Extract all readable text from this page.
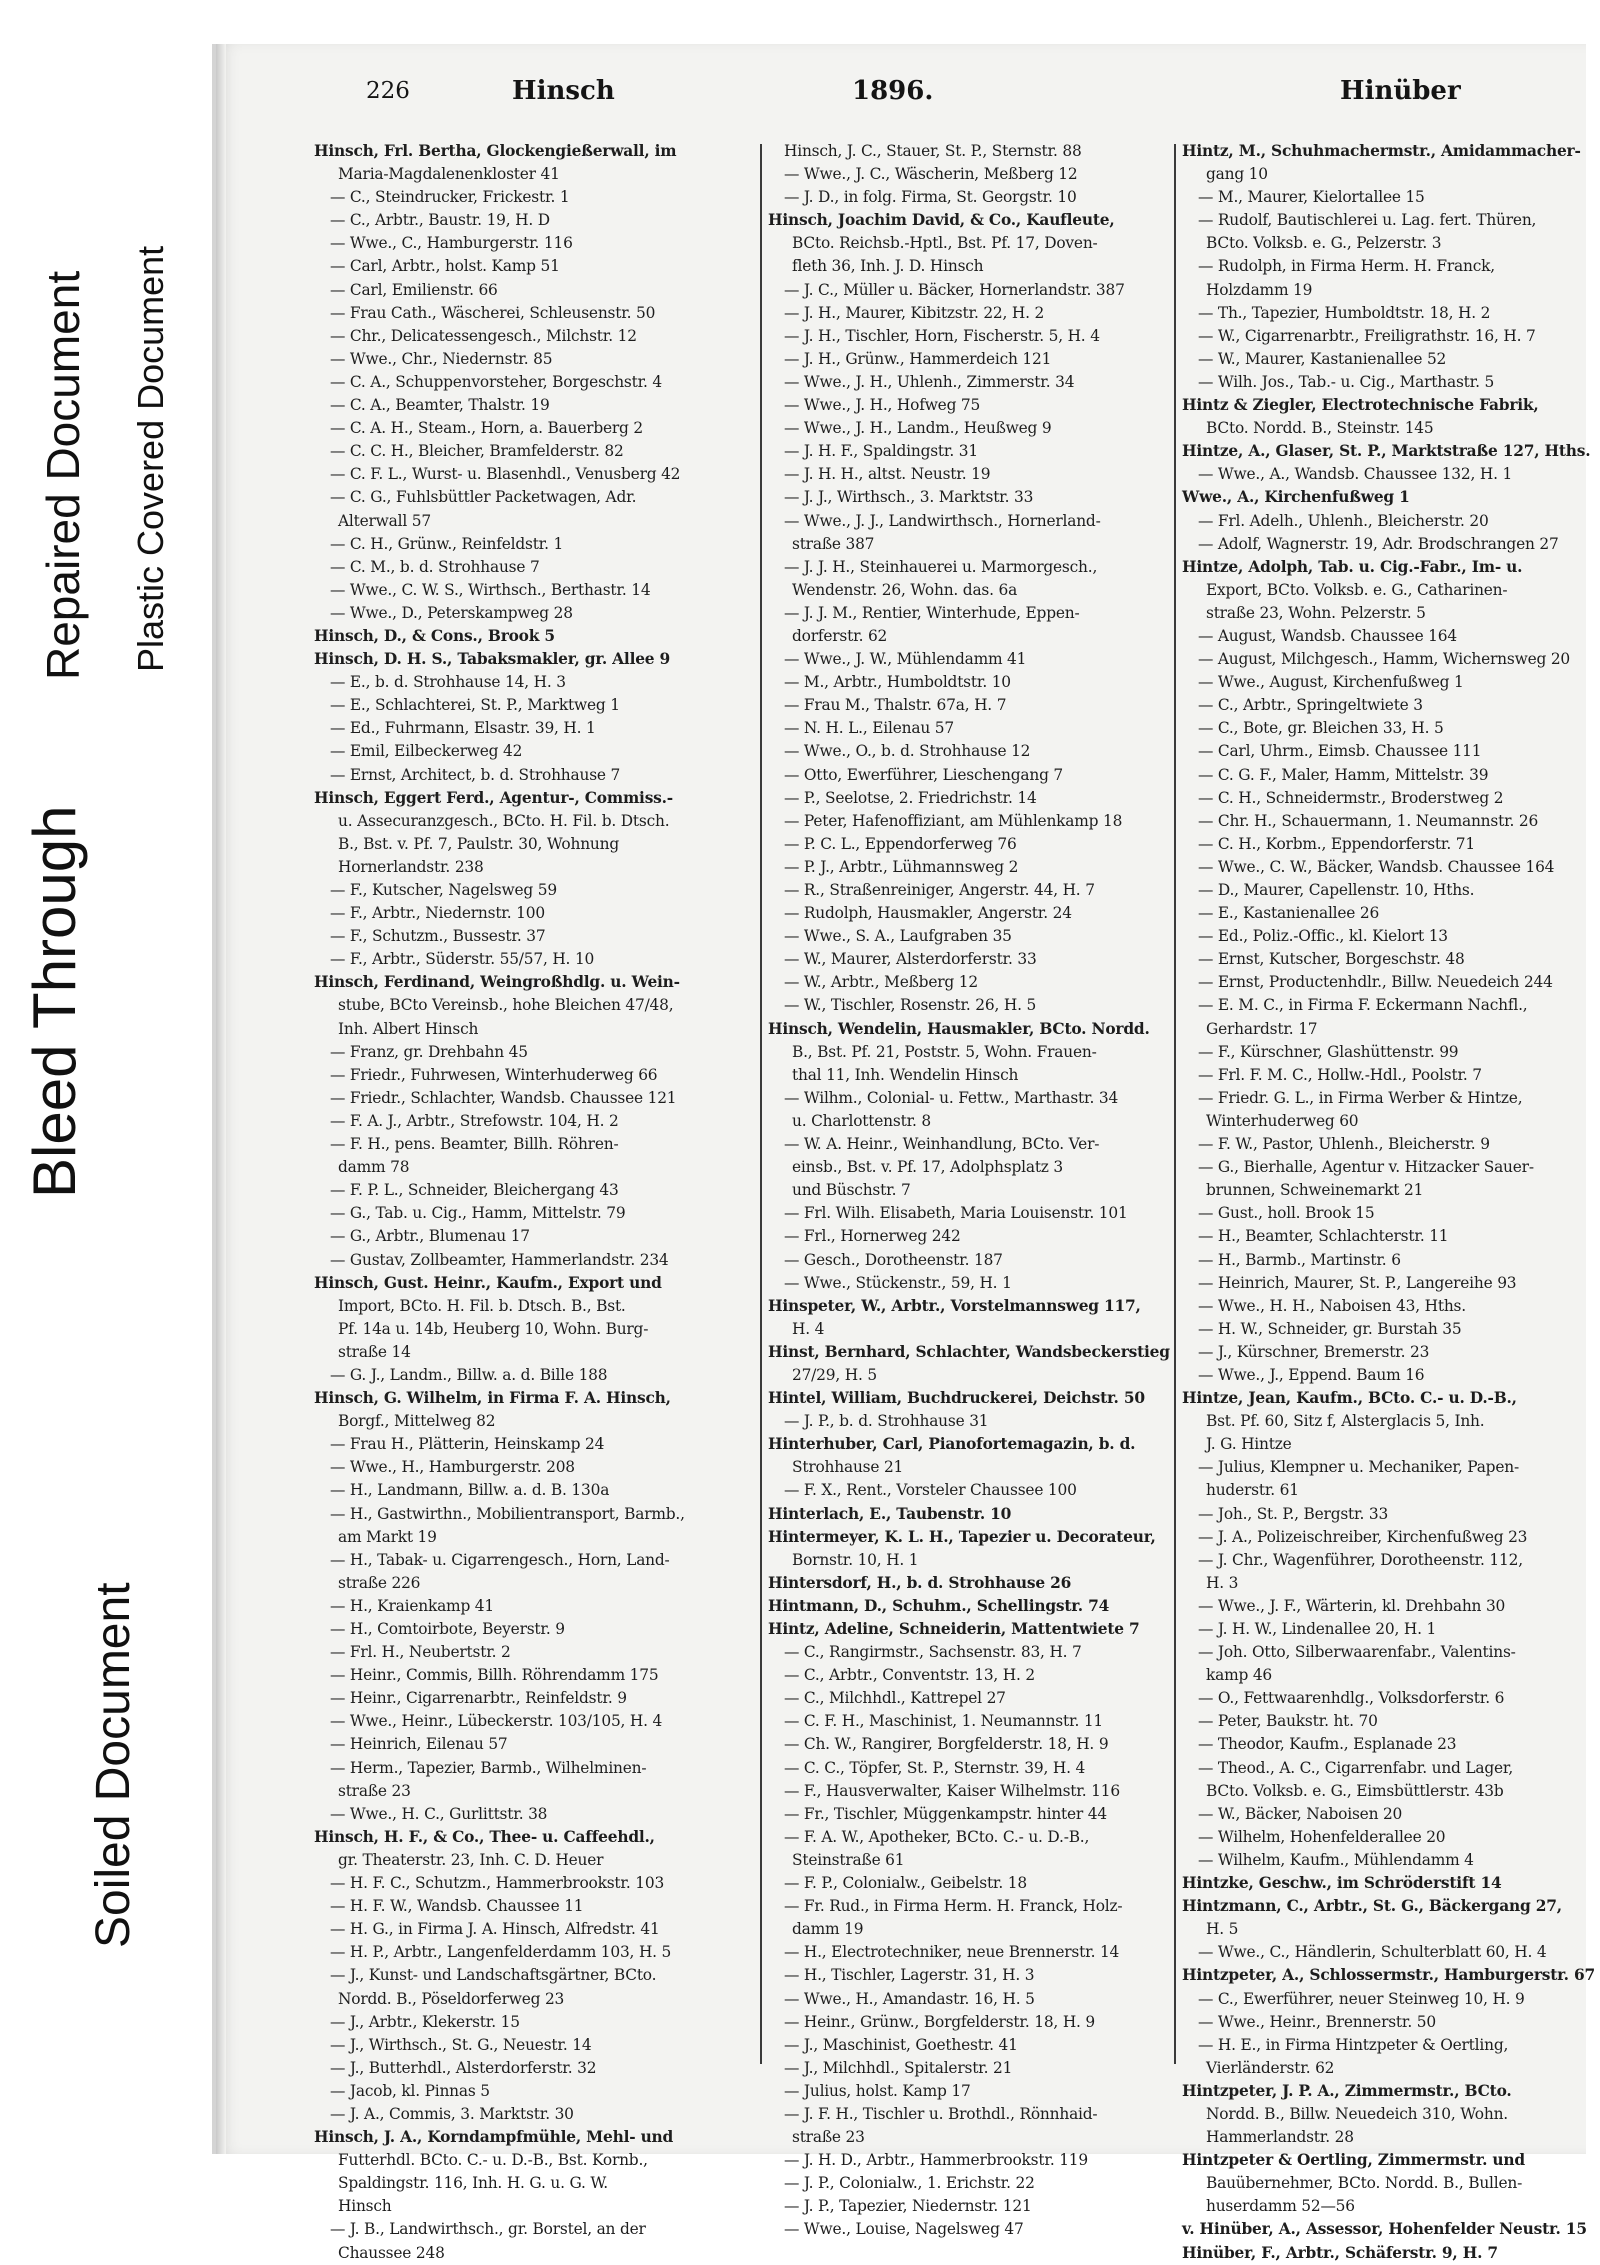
Repaired Document Plastic Covered Document
Bleed Through
Soiled Document
226	Hinsch	1896.	Hinüber
Hinsch, Frl. Bertha, Glockengießerwall, im
Maria-Magdalenenkloster 41
— C., Steindrucker, Frickestr. 1
— C., Arbtr., Baustr. 19, H. D
— Wwe., C., Hamburgerstr. 116
— Carl, Arbtr., holst. Kamp 51
— Carl, Emilienstr. 66
— Frau Cath., Wäscherei, Schleusenstr. 50
— Chr., Delicatessengesch., Milchstr. 12
— Wwe., Chr., Niedernstr. 85
— C. A., Schuppenvorsteher, Borgeschstr. 4
— C. A., Beamter, Thalstr. 19
— C. A. H., Steam., Horn, a. Bauerberg 2
— C. C. H., Bleicher, Bramfelderstr. 82
— C. F. L., Wurst- u. Blasenhdl., Venusberg 42
— C. G., Fuhlsbüttler Packetwagen, Adr.
Alterwall 57
— C. H., Grünw., Reinfeldstr. 1
— C. M., b. d. Strohhause 7
— Wwe., C. W. S., Wirthsch., Berthastr. 14
— Wwe., D., Peterskampweg 28
Hinsch, D., & Cons., Brook 5
Hinsch, D. H. S., Tabaksmakler, gr. Allee 9
— E., b. d. Strohhause 14, H. 3
— E., Schlachterei, St. P., Marktweg 1
— Ed., Fuhrmann, Elsastr. 39, H. 1
— Emil, Eilbeckerweg 42
— Ernst, Architect, b. d. Strohhause 7
Hinsch, Eggert Ferd., Agentur-, Commiss.-
u. Assecuranzgesch., BCto. H. Fil. b. Dtsch.
B., Bst. v. Pf. 7, Paulstr. 30, Wohnung
Hornerlandstr. 238
— F., Kutscher, Nagelsweg 59
— F., Arbtr., Niedernstr. 100
— F., Schutzm., Bussestr. 37
— F., Arbtr., Süderstr. 55/57, H. 10
Hinsch, Ferdinand, Weingroßhdlg. u. Wein-
stube, BCto Vereinsb., hohe Bleichen 47/48,
Inh. Albert Hinsch
— Franz, gr. Drehbahn 45
— Friedr., Fuhrwesen, Winterhuderweg 66
— Friedr., Schlachter, Wandsb. Chaussee 121
— F. A. J., Arbtr., Strefowstr. 104, H. 2
— F. H., pens. Beamter, Billh. Röhren-
damm 78
— F. P. L., Schneider, Bleichergang 43
— G., Tab. u. Cig., Hamm, Mittelstr. 79
— G., Arbtr., Blumenau 17
— Gustav, Zollbeamter, Hammerlandstr. 234
Hinsch, Gust. Heinr., Kaufm., Export und
Import, BCto. H. Fil. b. Dtsch. B., Bst.
Pf. 14a u. 14b, Heuberg 10, Wohn. Burg-
straße 14
— G. J., Landm., Billw. a. d. Bille 188
Hinsch, G. Wilhelm, in Firma F. A. Hinsch,
Borgf., Mittelweg 82
— Frau H., Plätterin, Heinskamp 24
— Wwe., H., Hamburgerstr. 208
— H., Landmann, Billw. a. d. B. 130a
— H., Gastwirthn., Mobilientransport, Barmb.,
am Markt 19
— H., Tabak- u. Cigarrengesch., Horn, Land-
straße 226
— H., Kraienkamp 41
— H., Comtoirbote, Beyerstr. 9
— Frl. H., Neubertstr. 2
— Heinr., Commis, Billh. Röhrendamm 175
— Heinr., Cigarrenarbtr., Reinfeldstr. 9
— Wwe., Heinr., Lübeckerstr. 103/105, H. 4
— Heinrich, Eilenau 57
— Herm., Tapezier, Barmb., Wilhelminen-
straße 23
— Wwe., H. C., Gurlittstr. 38
Hinsch, H. F., & Co., Thee- u. Caffeehdl.,
gr. Theaterstr. 23, Inh. C. D. Heuer
— H. F. C., Schutzm., Hammerbrookstr. 103
— H. F. W., Wandsb. Chaussee 11
— H. G., in Firma J. A. Hinsch, Alfredstr. 41
— H. P., Arbtr., Langenfelderdamm 103, H. 5
— J., Kunst- und Landschaftsgärtner, BCto.
Nordd. B., Pöseldorferweg 23
— J., Arbtr., Klekerstr. 15
— J., Wirthsch., St. G., Neuestr. 14
— J., Butterhdl., Alsterdorferstr. 32
— Jacob, kl. Pinnas 5
— J. A., Commis, 3. Marktstr. 30
Hinsch, J. A., Korndampfmühle, Mehl- und
Futterhdl. BCto. C.- u. D.-B., Bst. Kornb.,
Spaldingstr. 116, Inh. H. G. u. G. W.
Hinsch
— J. B., Landwirthsch., gr. Borstel, an der
Chaussee 248
Hinsch, J. C., Stauer, St. P., Sternstr. 88
— Wwe., J. C., Wäscherin, Meßberg 12
— J. D., in folg. Firma, St. Georgstr. 10
Hinsch, Joachim David, & Co., Kaufleute,
BCto. Reichsb.-Hptl., Bst. Pf. 17, Doven-
fleth 36, Inh. J. D. Hinsch
— J. C., Müller u. Bäcker, Hornerlandstr. 387
— J. H., Maurer, Kibitzstr. 22, H. 2
— J. H., Tischler, Horn, Fischerstr. 5, H. 4
— J. H., Grünw., Hammerdeich 121
— Wwe., J. H., Uhlenh., Zimmerstr. 34
— Wwe., J. H., Hofweg 75
— Wwe., J. H., Landm., Heußweg 9
— J. H. F., Spaldingstr. 31
— J. H. H., altst. Neustr. 19
— J. J., Wirthsch., 3. Marktstr. 33
— Wwe., J. J., Landwirthsch., Hornerland-
straße 387
— J. J. H., Steinhauerei u. Marmorgesch.,
Wendenstr. 26, Wohn. das. 6a
— J. J. M., Rentier, Winterhude, Eppen-
dorferstr. 62
— Wwe., J. W., Mühlendamm 41
— M., Arbtr., Humboldtstr. 10
— Frau M., Thalstr. 67a, H. 7
— N. H. L., Eilenau 57
— Wwe., O., b. d. Strohhause 12
— Otto, Ewerführer, Lieschengang 7
— P., Seelotse, 2. Friedrichstr. 14
— Peter, Hafenoffiziant, am Mühlenkamp 18
— P. C. L., Eppendorferweg 76
— P. J., Arbtr., Lühmannsweg 2
— R., Straßenreiniger, Angerstr. 44, H. 7
— Rudolph, Hausmakler, Angerstr. 24
— Wwe., S. A., Laufgraben 35
— W., Maurer, Alsterdorferstr. 33
— W., Arbtr., Meßberg 12
— W., Tischler, Rosenstr. 26, H. 5
Hinsch, Wendelin, Hausmakler, BCto. Nordd.
B., Bst. Pf. 21, Poststr. 5, Wohn. Frauen-
thal 11, Inh. Wendelin Hinsch
— Wilhm., Colonial- u. Fettw., Marthastr. 34
u. Charlottenstr. 8
— W. A. Heinr., Weinhandlung, BCto. Ver-
einsb., Bst. v. Pf. 17, Adolphsplatz 3
und Büschstr. 7
— Frl. Wilh. Elisabeth, Maria Louisenstr. 101
— Frl., Hornerweg 242
— Gesch., Dorotheenstr. 187
— Wwe., Stückenstr., 59, H. 1
Hinspeter, W., Arbtr., Vorstelmannsweg 117,
H. 4
Hinst, Bernhard, Schlachter, Wandsbeckerstieg
27/29, H. 5
Hintel, William, Buchdruckerei, Deichstr. 50
— J. P., b. d. Strohhause 31
Hinterhuber, Carl, Pianofortemagazin, b. d.
Strohhause 21
— F. X., Rent., Vorsteler Chaussee 100
Hinterlach, E., Taubenstr. 10
Hintermeyer, K. L. H., Tapezier u. Decorateur,
Bornstr. 10, H. 1
Hintersdorf, H., b. d. Strohhause 26
Hintmann, D., Schuhm., Schellingstr. 74
Hintz, Adeline, Schneiderin, Mattentwiete 7
— C., Rangirmstr., Sachsenstr. 83, H. 7
— C., Arbtr., Conventstr. 13, H. 2
— C., Milchhdl., Kattrepel 27
— C. F. H., Maschinist, 1. Neumannstr. 11
— Ch. W., Rangirer, Borgfelderstr. 18, H. 9
— C. C., Töpfer, St. P., Sternstr. 39, H. 4
— F., Hausverwalter, Kaiser Wilhelmstr. 116
— Fr., Tischler, Müggenkampstr. hinter 44
— F. A. W., Apotheker, BCto. C.- u. D.-B.,
Steinstraße 61
— F. P., Colonialw., Geibelstr. 18
— Fr. Rud., in Firma Herm. H. Franck, Holz-
damm 19
— H., Electrotechniker, neue Brennerstr. 14
— H., Tischler, Lagerstr. 31, H. 3
— Wwe., H., Amandastr. 16, H. 5
— Heinr., Grünw., Borgfelderstr. 18, H. 9
— J., Maschinist, Goethestr. 41
— J., Milchhdl., Spitalerstr. 21
— Julius, holst. Kamp 17
— J. F. H., Tischler u. Brothdl., Rönnhaid-
straße 23
— J. H. D., Arbtr., Hammerbrookstr. 119
— J. P., Colonialw., 1. Erichstr. 22
— J. P., Tapezier, Niedernstr. 121
— Wwe., Louise, Nagelsweg 47
Hintz, M., Schuhmachermstr., Amidammacher-
gang 10
— M., Maurer, Kielortallee 15
— Rudolf, Bautischlerei u. Lag. fert. Thüren,
BCto. Volksb. e. G., Pelzerstr. 3
— Rudolph, in Firma Herm. H. Franck,
Holzdamm 19
— Th., Tapezier, Humboldtstr. 18, H. 2
— W., Cigarrenarbtr., Freiligrathstr. 16, H. 7
— W., Maurer, Kastanienallee 52
— Wilh. Jos., Tab.- u. Cig., Marthastr. 5
Hintz & Ziegler, Electrotechnische Fabrik,
BCto. Nordd. B., Steinstr. 145
Hintze, A., Glaser, St. P., Marktstraße 127, Hths.
— Wwe., A., Wandsb. Chaussee 132, H. 1
Wwe., A., Kirchenfußweg 1
— Frl. Adelh., Uhlenh., Bleicherstr. 20
— Adolf, Wagnerstr. 19, Adr. Brodschrangen 27
Hintze, Adolph, Tab. u. Cig.-Fabr., Im- u.
Export, BCto. Volksb. e. G., Catharinen-
straße 23, Wohn. Pelzerstr. 5
— August, Wandsb. Chaussee 164
— August, Milchgesch., Hamm, Wichernsweg 20
— Wwe., August, Kirchenfußweg 1
— C., Arbtr., Springeltwiete 3
— C., Bote, gr. Bleichen 33, H. 5
— Carl, Uhrm., Eimsb. Chaussee 111
— C. G. F., Maler, Hamm, Mittelstr. 39
— C. H., Schneidermstr., Broderstweg 2
— Chr. H., Schauermann, 1. Neumannstr. 26
— C. H., Korbm., Eppendorferstr. 71
— Wwe., C. W., Bäcker, Wandsb. Chaussee 164
— D., Maurer, Capellenstr. 10, Hths.
— E., Kastanienallee 26
— Ed., Poliz.-Offic., kl. Kielort 13
— Ernst, Kutscher, Borgeschstr. 48
— Ernst, Productenhdlr., Billw. Neuedeich 244
— E. M. C., in Firma F. Eckermann Nachfl.,
Gerhardstr. 17
— F., Kürschner, Glashüttenstr. 99
— Frl. F. M. C., Hollw.-Hdl., Poolstr. 7
— Friedr. G. L., in Firma Werber & Hintze,
Winterhuderweg 60
— F. W., Pastor, Uhlenh., Bleicherstr. 9
— G., Bierhalle, Agentur v. Hitzacker Sauer-
brunnen, Schweinemarkt 21
— Gust., holl. Brook 15
— H., Beamter, Schlachterstr. 11
— H., Barmb., Martinstr. 6
— Heinrich, Maurer, St. P., Langereihe 93
— Wwe., H. H., Naboisen 43, Hths.
— H. W., Schneider, gr. Burstah 35
— J., Kürschner, Bremerstr. 23
— Wwe., J., Eppend. Baum 16
Hintze, Jean, Kaufm., BCto. C.- u. D.-B.,
Bst. Pf. 60, Sitz f, Alsterglacis 5, Inh.
J. G. Hintze
— Julius, Klempner u. Mechaniker, Papen-
huderstr. 61
— Joh., St. P., Bergstr. 33
— J. A., Polizeischreiber, Kirchenfußweg 23
— J. Chr., Wagenführer, Dorotheenstr. 112,
H. 3
— Wwe., J. F., Wärterin, kl. Drehbahn 30
— J. H. W., Lindenallee 20, H. 1
— Joh. Otto, Silberwaarenfabr., Valentins-
kamp 46
— O., Fettwaarenhdlg., Volksdorferstr. 6
— Peter, Baukstr. ht. 70
— Theodor, Kaufm., Esplanade 23
— Theod., A. C., Cigarrenfabr. und Lager,
BCto. Volksb. e. G., Eimsbüttlerstr. 43b
— W., Bäcker, Naboisen 20
— Wilhelm, Hohenfelderallee 20
— Wilhelm, Kaufm., Mühlendamm 4
Hintzke, Geschw., im Schröderstift 14
Hintzmann, C., Arbtr., St. G., Bäckergang 27,
H. 5
— Wwe., C., Händlerin, Schulterblatt 60, H. 4
Hintzpeter, A., Schlossermstr., Hamburgerstr. 67
— C., Ewerführer, neuer Steinweg 10, H. 9
— Wwe., Heinr., Brennerstr. 50
— H. E., in Firma Hintzpeter & Oertling,
Vierländerstr. 62
Hintzpeter, J. P. A., Zimmermstr., BCto.
Nordd. B., Billw. Neuedeich 310, Wohn.
Hammerlandstr. 28
Hintzpeter & Oertling, Zimmermstr. und
Bauübernehmer, BCto. Nordd. B., Bullen-
huserdamm 52—56
v. Hinüber, A., Assessor, Hohenfelder Neustr. 15
Hinüber, F., Arbtr., Schäferstr. 9, H. 7
